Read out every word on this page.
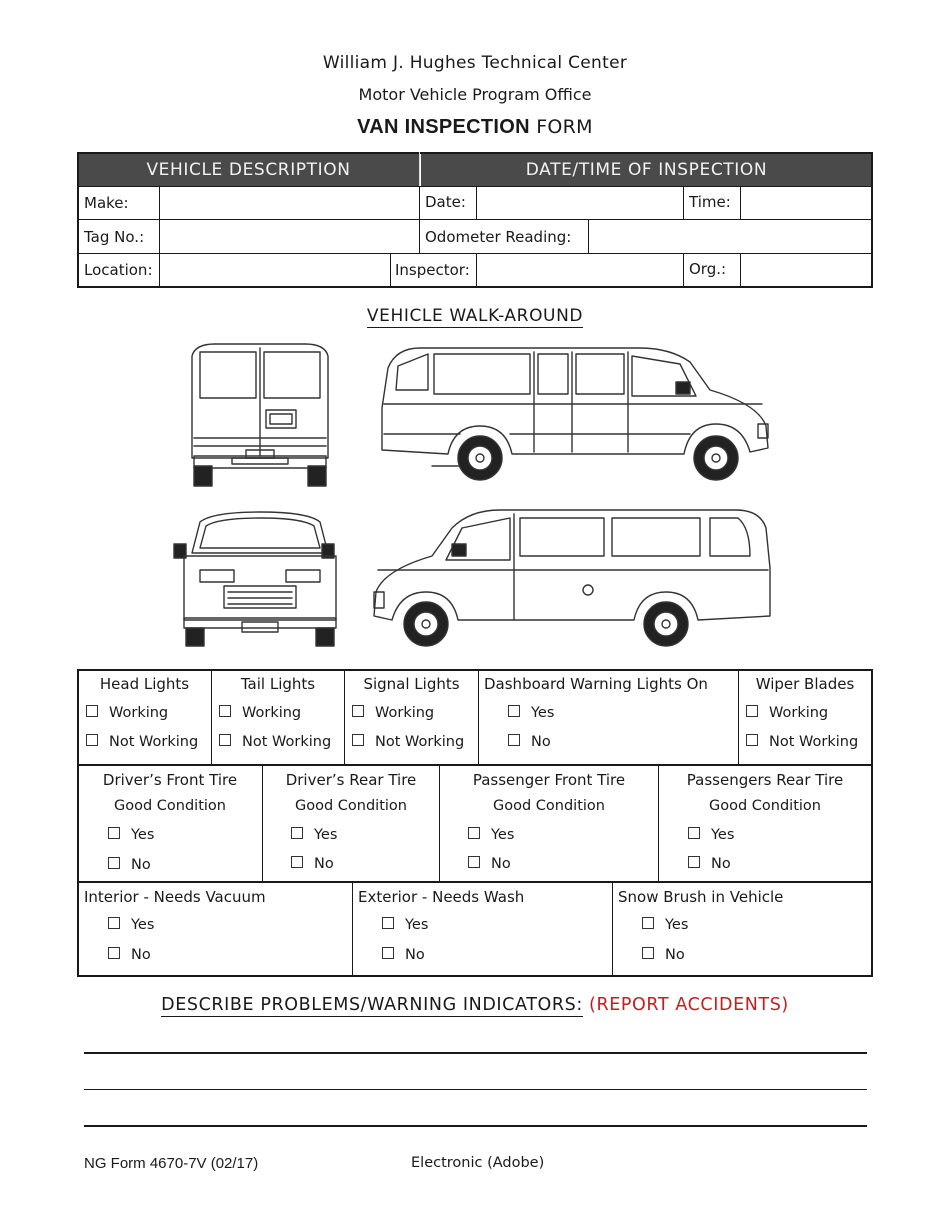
William J. Hughes Technical Center
Motor Vehicle Program Office
VAN INSPECTION FORM
VEHICLE DESCRIPTION	DATE/TIME OF INSPECTION
Make:	Date:	Time:
Tag No.:	Odometer Reading:
Location:	Inspector:	Org.:
VEHICLE WALK-AROUND
Head Lights
Working
Not Working
Tail Lights
Working
Not Working
Signal Lights
Working
Not Working
Dashboard Warning Lights On
Yes
No
Wiper Blades
Working
Not Working
Driver’s Front Tire
Good Condition
Yes
No
Driver’s Rear Tire
Good Condition
Yes
No
Passenger Front Tire
Good Condition
Yes
No
Passengers Rear Tire
Good Condition
Yes
No
Interior - Needs Vacuum
Yes
No
Exterior - Needs Wash
Yes
No
Snow Brush in Vehicle
Yes
No
DESCRIBE PROBLEMS/WARNING INDICATORS: (REPORT ACCIDENTS)
NG Form 4670-7V (02/17)	Electronic (Adobe)
